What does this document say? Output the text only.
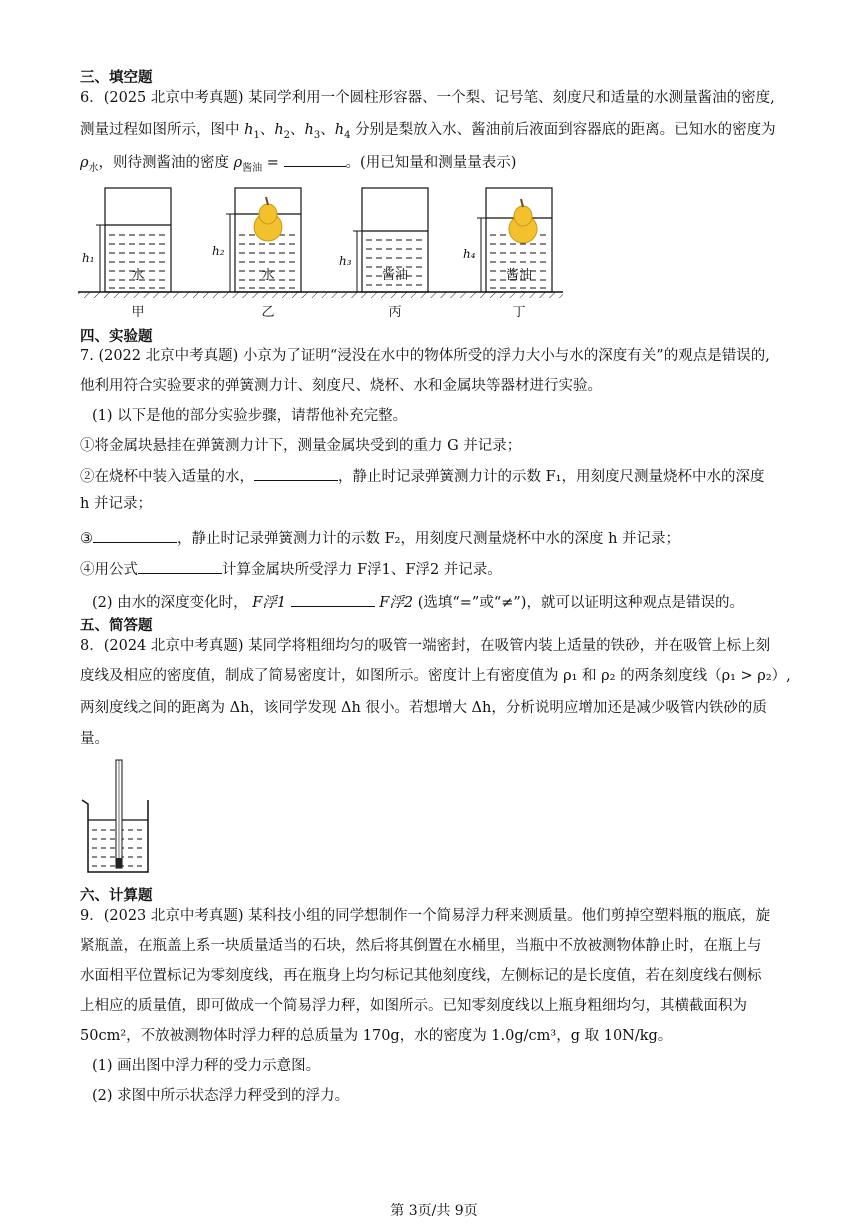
三、填空题
6．(2025 北京中考真题) 某同学利用一个圆柱形容器、一个梨、记号笔、刻度尺和适量的水测量酱油的密度,
测量过程如图所示，图中 $h_1$、$h_2$、$h_3$、$h_4$ 分别是梨放入水、酱油前后液面到容器底的距离。已知水的密度为
$\rho_水$，则待测酱油的密度 $\rho_{酱油}$ =	。(用已知量和测量量表示)
h₁	h₂
h₃	h₄
水	水	酱油	酱油
甲	乙	丙	丁
四、实验题
7. (2022 北京中考真题) 小京为了证明“浸没在水中的物体所受的浮力大小与水的深度有关”的观点是错误的,
他利用符合实验要求的弹簧测力计、刻度尺、烧杯、水和金属块等器材进行实验。
(1) 以下是他的部分实验步骤，请帮他补充完整。
①将金属块悬挂在弹簧测力计下，测量金属块受到的重力 G 并记录；
②在烧杯中装入适量的水，	，静止时记录弹簧测力计的示数 F₁，用刻度尺测量烧杯中水的深度
h 并记录；
③	，静止时记录弹簧测力计的示数 F₂，用刻度尺测量烧杯中水的深度 h 并记录；
④用公式	计算金属块所受浮力 F浮1、F浮2 并记录。
(2) 由水的深度变化时， F浮1	F浮2 (选填“=”或“≠”)，就可以证明这种观点是错误的。
五、简答题
8．(2024 北京中考真题) 某同学将粗细均匀的吸管一端密封，在吸管内装上适量的铁砂，并在吸管上标上刻
度线及相应的密度值，制成了简易密度计，如图所示。密度计上有密度值为 ρ₁ 和 ρ₂ 的两条刻度线（ρ₁ > ρ₂）,
两刻度线之间的距离为 Δh，该同学发现 Δh 很小。若想增大 Δh，分析说明应增加还是减少吸管内铁砂的质
量。
六、计算题
9．(2023 北京中考真题) 某科技小组的同学想制作一个简易浮力秤来测质量。他们剪掉空塑料瓶的瓶底，旋
紧瓶盖，在瓶盖上系一块质量适当的石块，然后将其倒置在水桶里，当瓶中不放被测物体静止时，在瓶上与
水面相平位置标记为零刻度线，再在瓶身上均匀标记其他刻度线，左侧标记的是长度值，若在刻度线右侧标
上相应的质量值，即可做成一个简易浮力秤，如图所示。已知零刻度线以上瓶身粗细均匀，其横截面积为
50cm²，不放被测物体时浮力秤的总质量为 170g，水的密度为 1.0g/cm³，g 取 10N/kg。
(1) 画出图中浮力秤的受力示意图。
(2) 求图中所示状态浮力秤受到的浮力。
第 3页/共 9页
